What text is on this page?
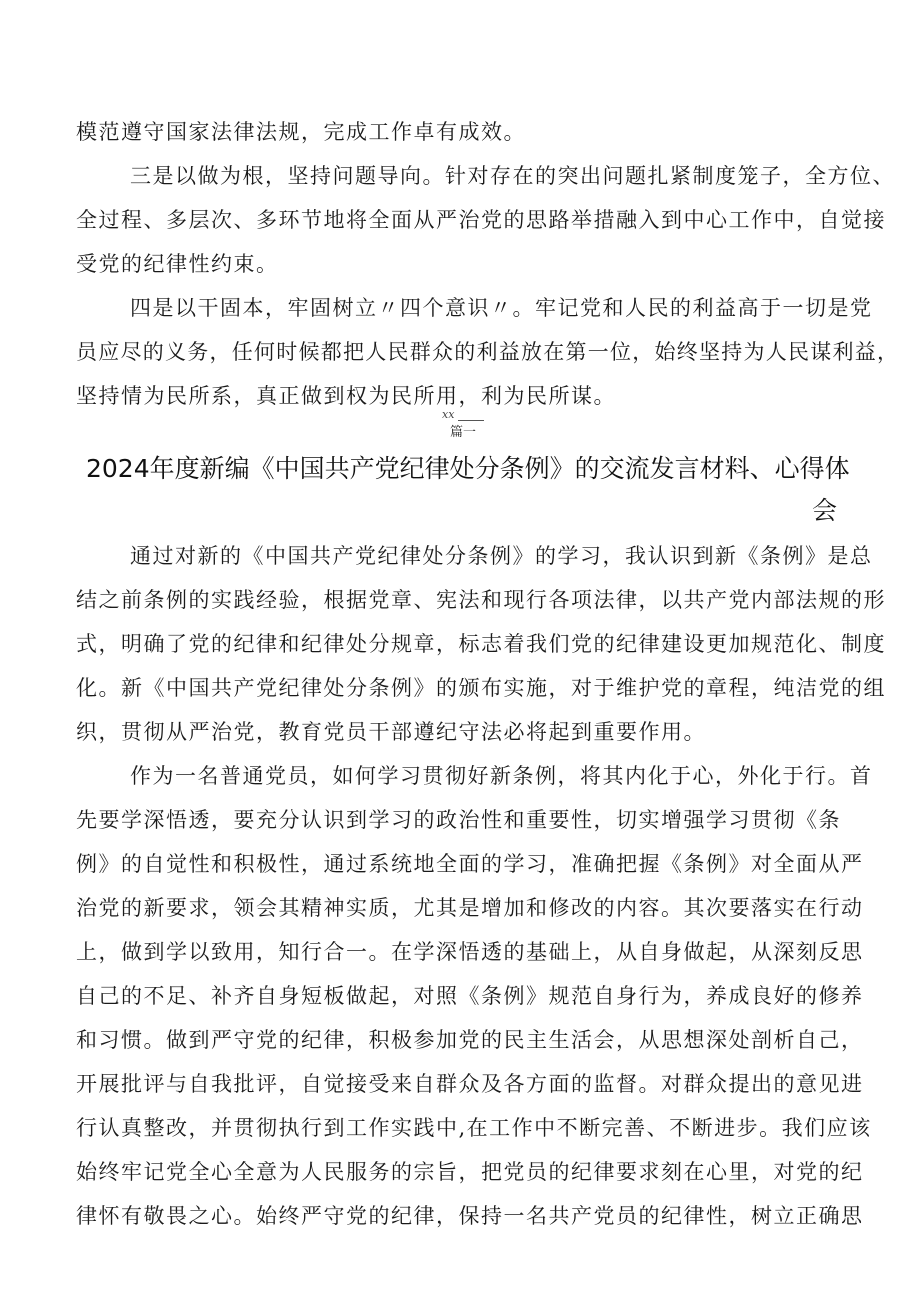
模范遵守国家法律法规，完成工作卓有成效。
三是以做为根，坚持问题导向。针对存在的突出问题扎紧制度笼子，全方位、
全过程、多层次、多环节地将全面从严治党的思路举措融入到中心工作中，自觉接
受党的纪律性约束。
四是以干固本，牢固树立〃四个意识〃。牢记党和人民的利益高于一切是党
员应尽的义务，任何时候都把人民群众的利益放在第一位，始终坚持为人民谋利益，
坚持情为民所系，真正做到权为民所用，利为民所谋。
xx
篇一
2024年度新编《中国共产党纪律处分条例》的交流发言材料、心得体
会
通过对新的《中国共产党纪律处分条例》的学习，我认识到新《条例》是总
结之前条例的实践经验，根据党章、宪法和现行各项法律，以共产党内部法规的形
式，明确了党的纪律和纪律处分规章，标志着我们党的纪律建设更加规范化、制度
化。新《中国共产党纪律处分条例》的颁布实施，对于维护党的章程，纯洁党的组
织，贯彻从严治党，教育党员干部遵纪守法必将起到重要作用。
作为一名普通党员，如何学习贯彻好新条例，将其内化于心，外化于行。首
先要学深悟透，要充分认识到学习的政治性和重要性，切实增强学习贯彻《条
例》的自觉性和积极性，通过系统地全面的学习，准确把握《条例》对全面从严
治党的新要求，领会其精神实质，尤其是增加和修改的内容。其次要落实在行动
上，做到学以致用，知行合一。在学深悟透的基础上，从自身做起，从深刻反思
自己的不足、补齐自身短板做起，对照《条例》规范自身行为，养成良好的修养
和习惯。做到严守党的纪律，积极参加党的民主生活会，从思想深处剖析自己，
开展批评与自我批评，自觉接受来自群众及各方面的监督。对群众提出的意见进
行认真整改，并贯彻执行到工作实践中,在工作中不断完善、不断进步。我们应该
始终牢记党全心全意为人民服务的宗旨，把党员的纪律要求刻在心里，对党的纪
律怀有敬畏之心。始终严守党的纪律，保持一名共产党员的纪律性，树立正确思
